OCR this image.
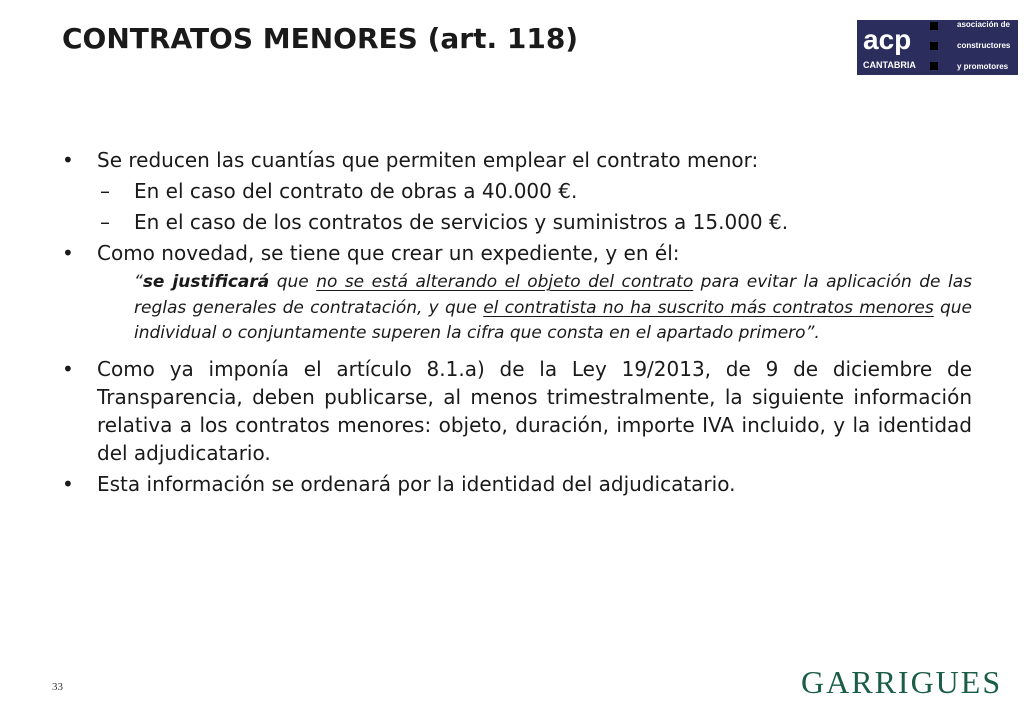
CONTRATOS MENORES (art. 118)	acp
CANTABRIA
asociación de
constructores
y promotores
• Se reducen las cuantías que permiten emplear el contrato menor:
– En el caso del contrato de obras a 40.000 €.
– En el caso de los contratos de servicios y suministros a 15.000 €.
• Como novedad, se tiene que crear un expediente, y en él:
“se justificará que no se está alterando el objeto del contrato para evitar la aplicación de las reglas generales de contratación, y que el contratista no ha suscrito más contratos menores que individual o conjuntamente superen la cifra que consta en el apartado primero”.
• Como ya imponía el artículo 8.1.a) de la Ley 19/2013, de 9 de diciembre de Transparencia, deben publicarse, al menos trimestralmente, la siguiente información relativa a los contratos menores: objeto, duración, importe IVA incluido, y la identidad del adjudicatario.
• Esta información se ordenará por la identidad del adjudicatario.
33	GARRIGUES
